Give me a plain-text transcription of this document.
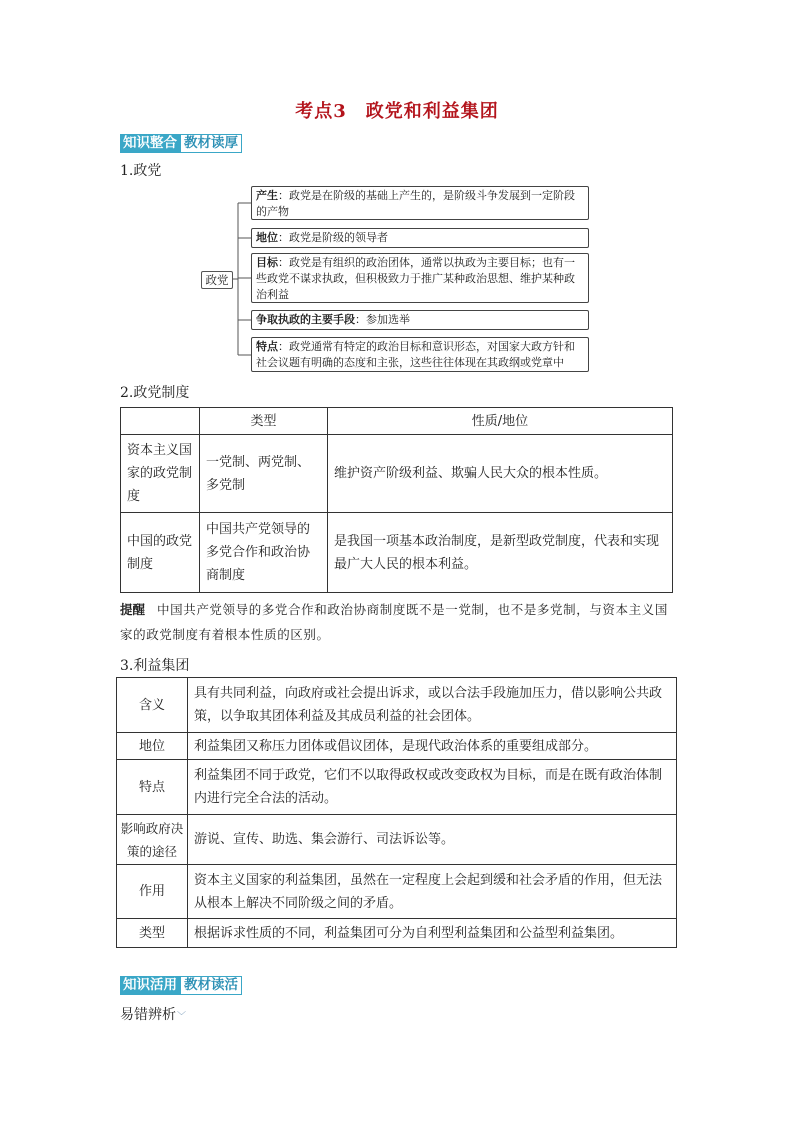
考点3　政党和利益集团
知识整合 教材读厚
1.政党
政党
产生：政党是在阶级的基础上产生的，是阶级斗争发展到一定阶段的产物
地位：政党是阶级的领导者
目标：政党是有组织的政治团体，通常以执政为主要目标；也有一些政党不谋求执政，但积极致力于推广某种政治思想、维护某种政治利益
争取执政的主要手段：参加选举
特点：政党通常有特定的政治目标和意识形态，对国家大政方针和社会议题有明确的态度和主张，这些往往体现在其政纲或党章中
2.政党制度
	类型	性质/地位
资本主义国家的政党制度	一党制、两党制、多党制	维护资产阶级利益、欺骗人民大众的根本性质。
中国的政党制度	中国共产党领导的多党合作和政治协商制度	是我国一项基本政治制度，是新型政党制度，代表和实现最广大人民的根本利益。
提醒 中国共产党领导的多党合作和政治协商制度既不是一党制，也不是多党制，与资本主义国家的政党制度有着根本性质的区别。
3.利益集团
含义	具有共同利益，向政府或社会提出诉求，或以合法手段施加压力，借以影响公共政策，以争取其团体利益及其成员利益的社会团体。
地位	利益集团又称压力团体或倡议团体，是现代政治体系的重要组成部分。
特点	利益集团不同于政党，它们不以取得政权或改变政权为目标，而是在既有政治体制内进行完全合法的活动。
影响政府决策的途径	游说、宣传、助选、集会游行、司法诉讼等。
作用	资本主义国家的利益集团，虽然在一定程度上会起到缓和社会矛盾的作用，但无法从根本上解决不同阶级之间的矛盾。
类型	根据诉求性质的不同，利益集团可分为自利型利益集团和公益型利益集团。
知识活用 教材读活
易错辨析﹀
